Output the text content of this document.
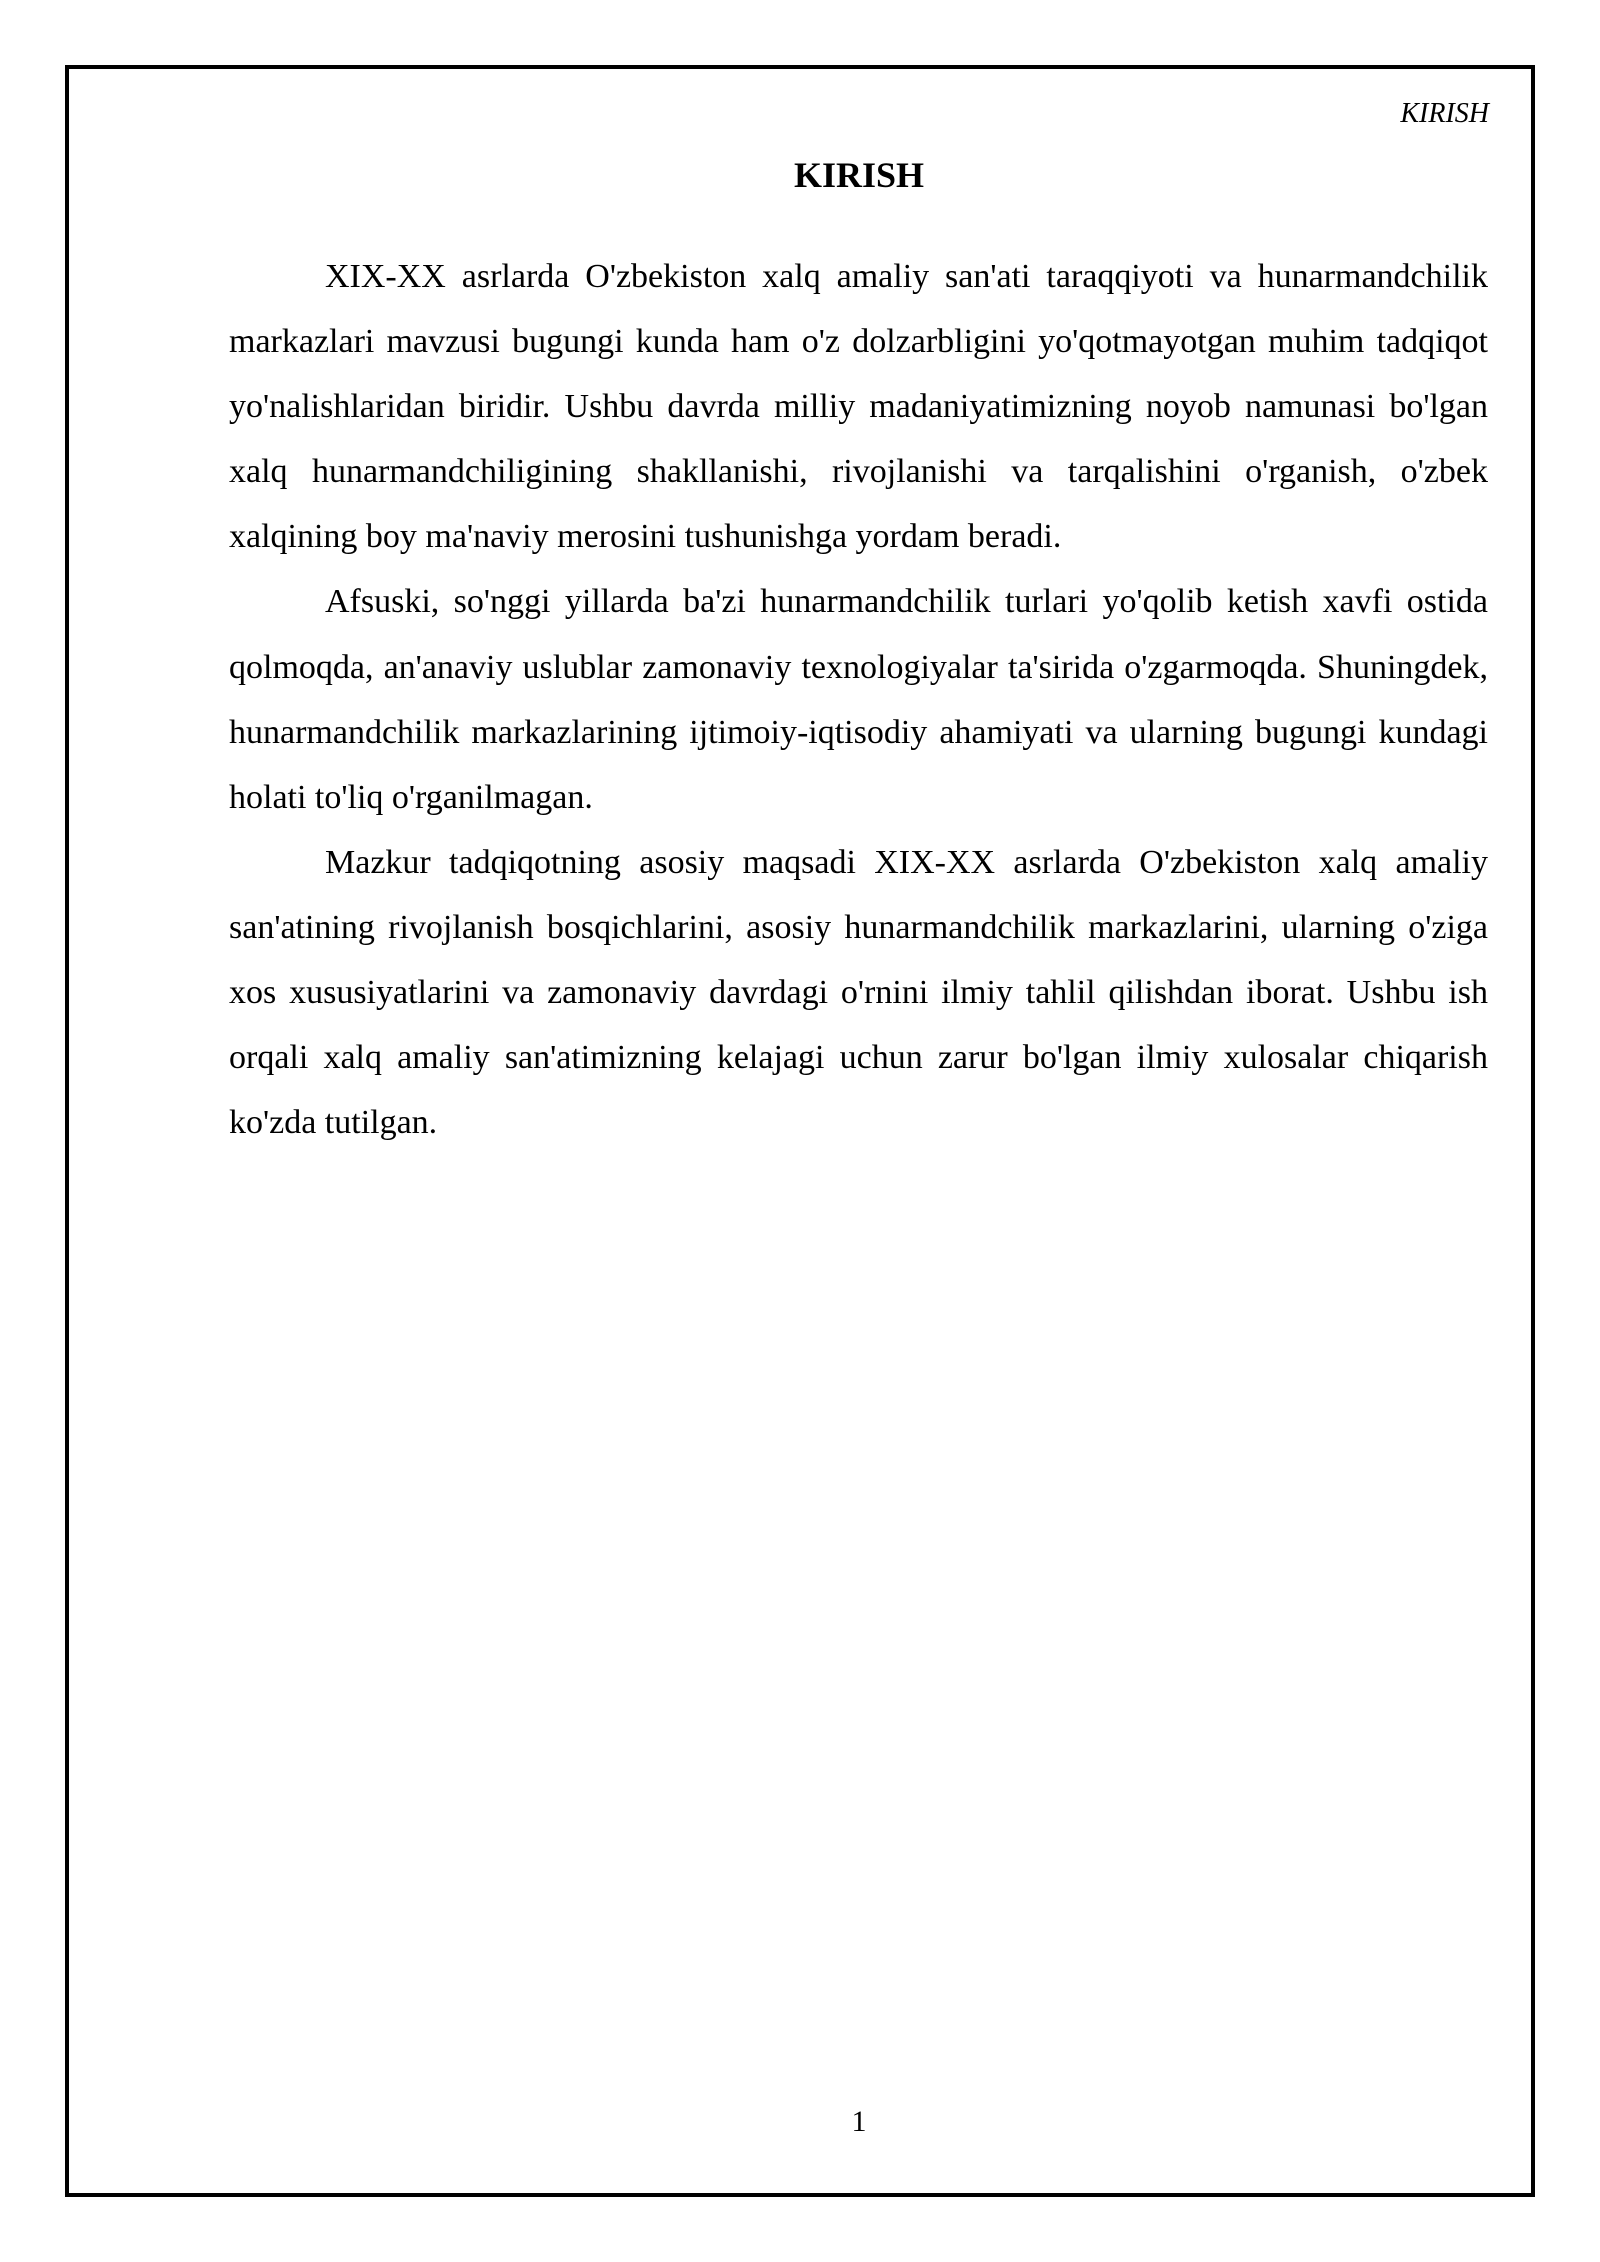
KIRISH

KIRISH

XIX-XX asrlarda O'zbekiston xalq amaliy san'ati taraqqiyoti va hunarmandchilik markazlari mavzusi bugungi kunda ham o'z dolzarbligini yo'qotmayotgan muhim tadqiqot yo'nalishlaridan biridir. Ushbu davrda milliy madaniyatimizning noyob namunasi bo'lgan xalq hunarmandchiligining shakllanishi, rivojlanishi va tarqalishini o'rganish, o'zbek xalqining boy ma'naviy merosini tushunishga yordam beradi.

Afsuski, so'nggi yillarda ba'zi hunarmandchilik turlari yo'qolib ketish xavfi ostida qolmoqda, an'anaviy uslublar zamonaviy texnologiyalar ta'sirida o'zgarmoqda. Shuningdek, hunarmandchilik markazlarining ijtimoiy-iqtisodiy ahamiyati va ularning bugungi kundagi holati to'liq o'rganilmagan.

Mazkur tadqiqotning asosiy maqsadi XIX-XX asrlarda O'zbekiston xalq amaliy san'atining rivojlanish bosqichlarini, asosiy hunarmandchilik markazlarini, ularning o'ziga xos xususiyatlarini va zamonaviy davrdagi o'rnini ilmiy tahlil qilishdan iborat. Ushbu ish orqali xalq amaliy san'atimizning kelajagi uchun zarur bo'lgan ilmiy xulosalar chiqarish ko'zda tutilgan.

1
